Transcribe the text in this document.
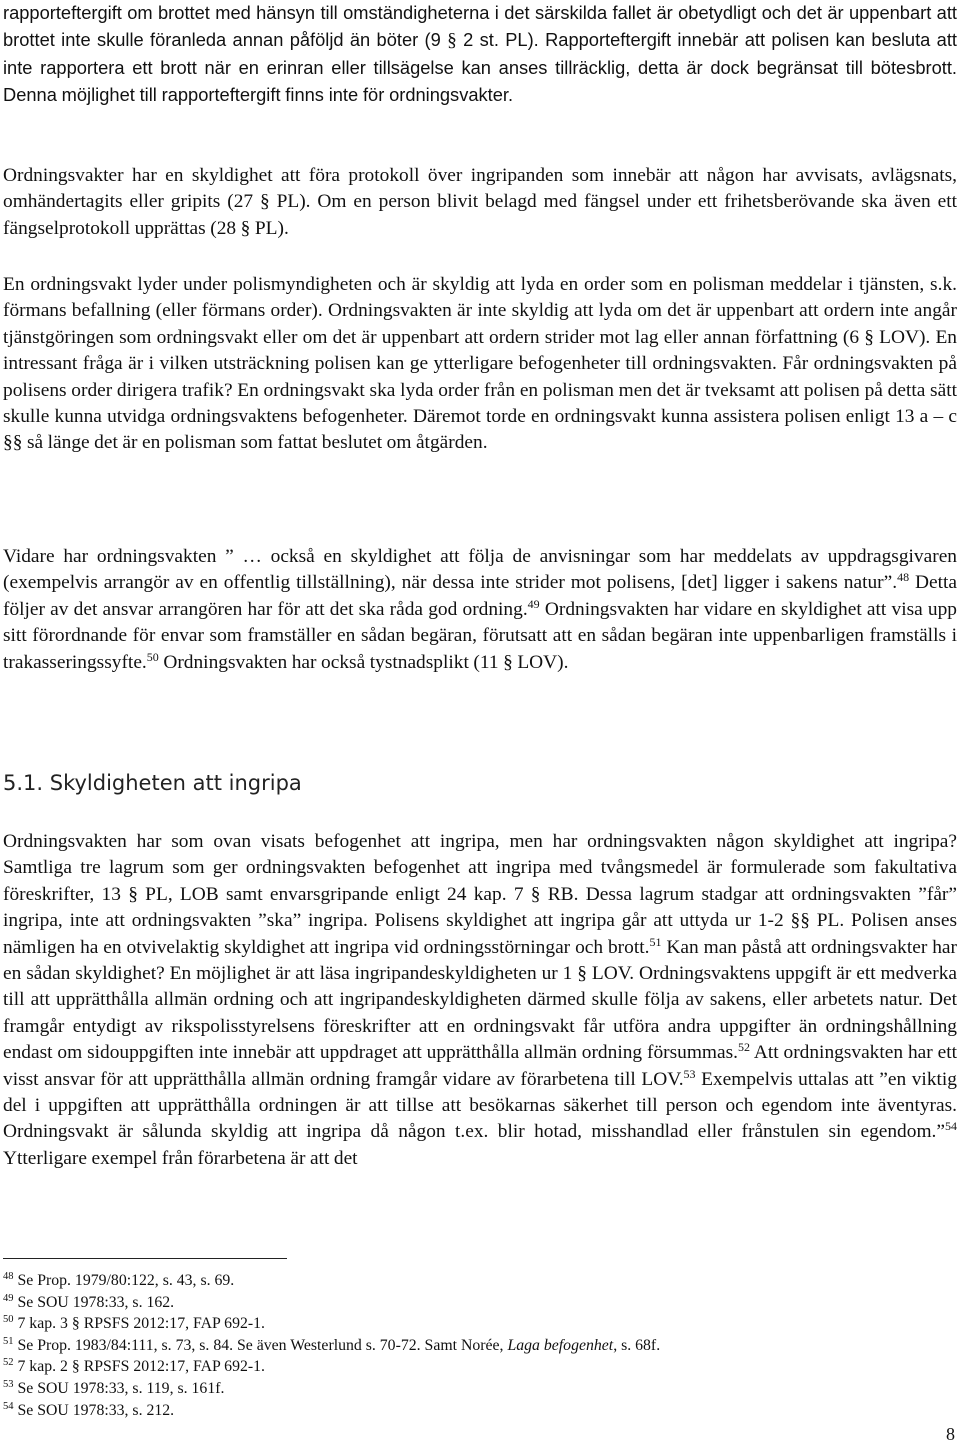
rapporteftergift om brottet med hänsyn till omständigheterna i det särskilda fallet är obetydligt och det är uppenbart att brottet inte skulle föranleda annan påföljd än böter (9 § 2 st. PL). Rapporteftergift innebär att polisen kan besluta att inte rapportera ett brott när en erinran eller tillsägelse kan anses tillräcklig, detta är dock begränsat till bötesbrott. Denna möjlighet till rapporteftergift finns inte för ordningsvakter.

Ordningsvakter har en skyldighet att föra protokoll över ingripanden som innebär att någon har avvisats, avlägsnats, omhändertagits eller gripits (27 § PL). Om en person blivit belagd med fängsel under ett frihetsberövande ska även ett fängselprotokoll upprättas (28 § PL).

En ordningsvakt lyder under polismyndigheten och är skyldig att lyda en order som en polisman meddelar i tjänsten, s.k. förmans befallning (eller förmans order). Ordningsvakten är inte skyldig att lyda om det är uppenbart att ordern inte angår tjänstgöringen som ordningsvakt eller om det är uppenbart att ordern strider mot lag eller annan författning (6 § LOV). En intressant fråga är i vilken utsträckning polisen kan ge ytterligare befogenheter till ordningsvakten. Får ordningsvakten på polisens order dirigera trafik? En ordningsvakt ska lyda order från en polisman men det är tveksamt att polisen på detta sätt skulle kunna utvidga ordningsvaktens befogenheter. Däremot torde en ordningsvakt kunna assistera polisen enligt 13 a – c §§ så länge det är en polisman som fattat beslutet om åtgärden.

Vidare har ordningsvakten ” … också en skyldighet att följa de anvisningar som har meddelats av uppdragsgivaren (exempelvis arrangör av en offentlig tillställning), när dessa inte strider mot polisens, [det] ligger i sakens natur”.$^{48}$ Detta följer av det ansvar arrangören har för att det ska råda god ordning.$^{49}$ Ordningsvakten har vidare en skyldighet att visa upp sitt förordnande för envar som framställer en sådan begäran, förutsatt att en sådan begäran inte uppenbarligen framställs i trakasseringssyfte.$^{50}$ Ordningsvakten har också tystnadsplikt (11 § LOV).

5.1. Skyldigheten att ingripa

Ordningsvakten har som ovan visats befogenhet att ingripa, men har ordningsvakten någon skyldighet att ingripa? Samtliga tre lagrum som ger ordningsvakten befogenhet att ingripa med tvångsmedel är formulerade som fakultativa föreskrifter, 13 § PL, LOB samt envarsgripande enligt 24 kap. 7 § RB. Dessa lagrum stadgar att ordningsvakten ”får” ingripa, inte att ordningsvakten ”ska” ingripa. Polisens skyldighet att ingripa går att uttyda ur 1-2 §§ PL. Polisen anses nämligen ha en otvivelaktig skyldighet att ingripa vid ordningsstörningar och brott.$^{51}$ Kan man påstå att ordningsvakter har en sådan skyldighet? En möjlighet är att läsa ingripandeskyldigheten ur 1 § LOV. Ordningsvaktens uppgift är ett medverka till att upprätthålla allmän ordning och att ingripandeskyldigheten därmed skulle följa av sakens, eller arbetets natur. Det framgår entydigt av rikspolisstyrelsens föreskrifter att en ordningsvakt får utföra andra uppgifter än ordningshållning endast om sidouppgiften inte innebär att uppdraget att upprätthålla allmän ordning försummas.$^{52}$ Att ordningsvakten har ett visst ansvar för att upprätthålla allmän ordning framgår vidare av förarbetena till LOV.$^{53}$ Exempelvis uttalas att ”en viktig del i uppgiften att upprätthålla ordningen är att tillse att besökarnas säkerhet till person och egendom inte äventyras. Ordningsvakt är sålunda skyldig att ingripa då någon t.ex. blir hotad, misshandlad eller frånstulen sin egendom.”$^{54}$ Ytterligare exempel från förarbetena är att det

$^{48}$ Se Prop. 1979/80:122, s. 43, s. 69.
$^{49}$ Se SOU 1978:33, s. 162.
$^{50}$ 7 kap. 3 § RPSFS 2012:17, FAP 692-1.
$^{51}$ Se Prop. 1983/84:111, s. 73, s. 84. Se även Westerlund s. 70-72. Samt Norée, Laga befogenhet, s. 68f.
$^{52}$ 7 kap. 2 § RPSFS 2012:17, FAP 692-1.
$^{53}$ Se SOU 1978:33, s. 119, s. 161f.
$^{54}$ Se SOU 1978:33, s. 212.
8
